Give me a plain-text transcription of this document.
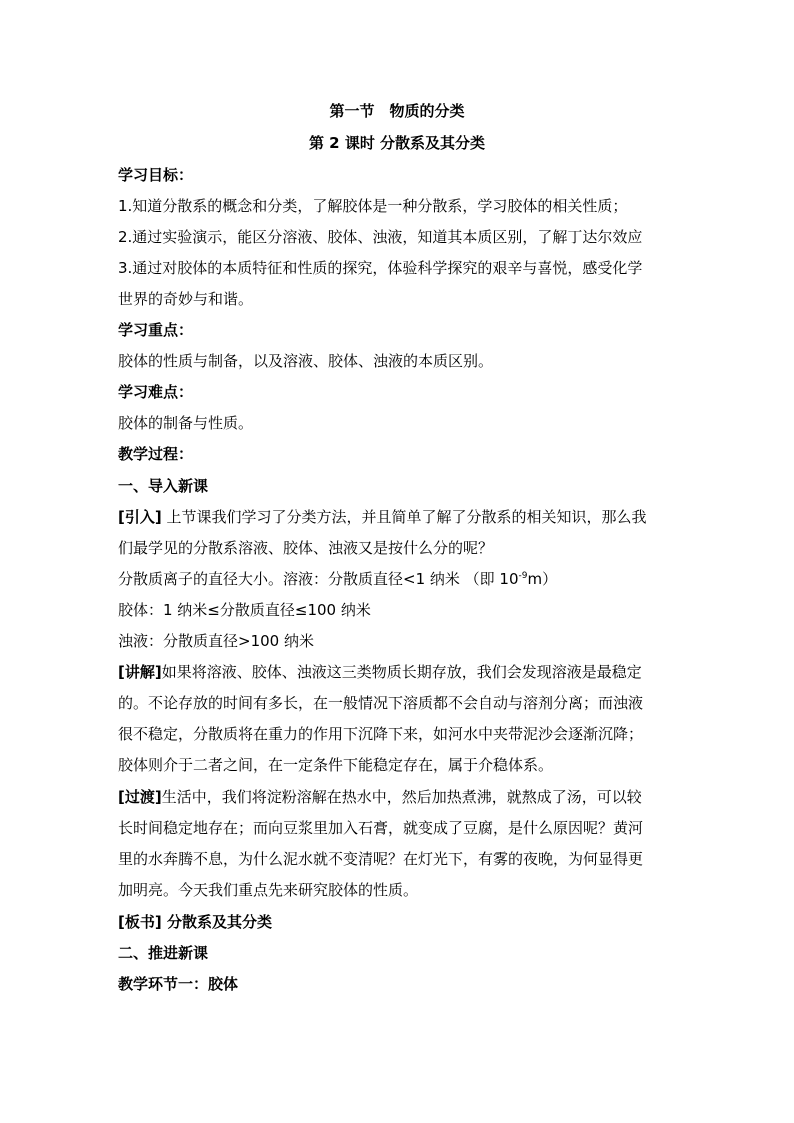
第一节　物质的分类
第 2 课时 分散系及其分类
学习目标：
1.知道分散系的概念和分类，了解胶体是一种分散系，学习胶体的相关性质；
2.通过实验演示，能区分溶液、胶体、浊液，知道其本质区别，了解丁达尔效应
3.通过对胶体的本质特征和性质的探究，体验科学探究的艰辛与喜悦，感受化学
世界的奇妙与和谐。
学习重点：
胶体的性质与制备，以及溶液、胶体、浊液的本质区别。
学习难点：
胶体的制备与性质。
教学过程：
一、导入新课
[引入] 上节课我们学习了分类方法，并且简单了解了分散系的相关知识，那么我
们最学见的分散系溶液、胶体、浊液又是按什么分的呢？
分散质离子的直径大小。溶液：分散质直径<1 纳米 （即 $10^{-9}m$）
胶体：1 纳米≤分散质直径≤100 纳米
浊液：分散质直径>100 纳米
[讲解]如果将溶液、胶体、浊液这三类物质长期存放，我们会发现溶液是最稳定
的。不论存放的时间有多长，在一般情况下溶质都不会自动与溶剂分离；而浊液
很不稳定，分散质将在重力的作用下沉降下来，如河水中夹带泥沙会逐渐沉降；
胶体则介于二者之间，在一定条件下能稳定存在，属于介稳体系。
[过渡]生活中，我们将淀粉溶解在热水中，然后加热煮沸，就熬成了汤，可以较
长时间稳定地存在；而向豆浆里加入石膏，就变成了豆腐，是什么原因呢？黄河
里的水奔腾不息，为什么泥水就不变清呢？在灯光下，有雾的夜晚，为何显得更
加明亮。今天我们重点先来研究胶体的性质。
[板书] 分散系及其分类
二、推进新课
教学环节一：胶体
